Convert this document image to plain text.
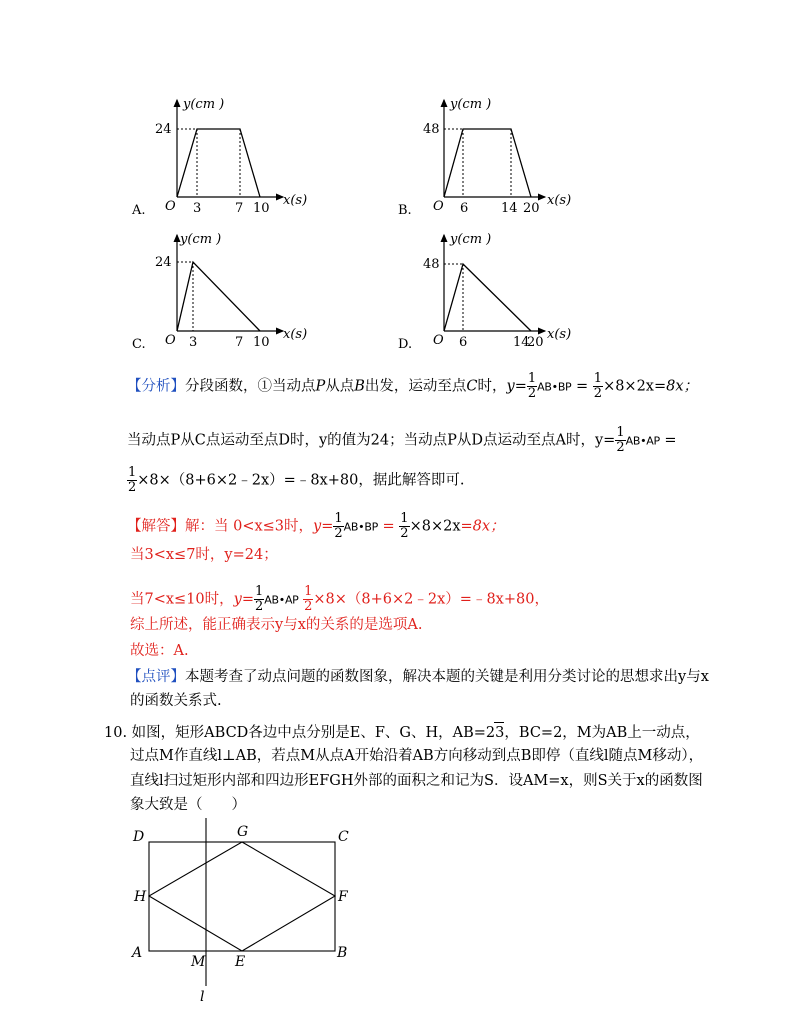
y(cm )
24
O 3	7 10
x(s)
A.
y(cm )
48
O 6	14 20
x(s)
B.
y(cm )
24
O 3	7 10
x(s)
C.
y(cm )
48
O 6	14
20
x(s)
D.
【分析】分段函数，①当动点P从点B出发，运动至点C时，$y= \frac{1}{2}$ AB•BP = $\frac{1}{2} \times 8\times 2x=8x$；
当动点P从C点运动至点D时，y的值为24；当动点P从D点运动至点A时，$y= \frac{1}{2}$ AB•AP =
$\frac{1}{2}$ ×8×（8+6×2﹣2x）=﹣8x+80，据此解答即可.
【解答】解：当 0<x≤3时，$y= \frac{1}{2}$ AB•BP = $\frac{1}{2} \times 8\times 2x=8x$；
当3<x≤7时，y=24；
当7<x≤10时，$y= \frac{1}{2}$ AB•AP $\frac{1}{2}$ ×8×（8+6×2﹣2x）=﹣8x+80，
综上所述，能正确表示y与x的关系的是选项A.
故选：A.
【点评】本题考查了动点问题的函数图象，解决本题的关键是利用分类讨论的思想求出y与x
的函数关系式.
10. 如图，矩形ABCD各边中点分别是E、F、G、H，AB=23，BC=2，M为AB上一动点，
过点M作直线l⊥AB，若点M从点A开始沿着AB方向移动到点B即停（直线l随点M移动），
直线l扫过矩形内部和四边形EFGH外部的面积之和记为S．设AM=x，则S关于x的函数图
象大致是（　　）
D	G	C
H	F
A
M E
B
l
